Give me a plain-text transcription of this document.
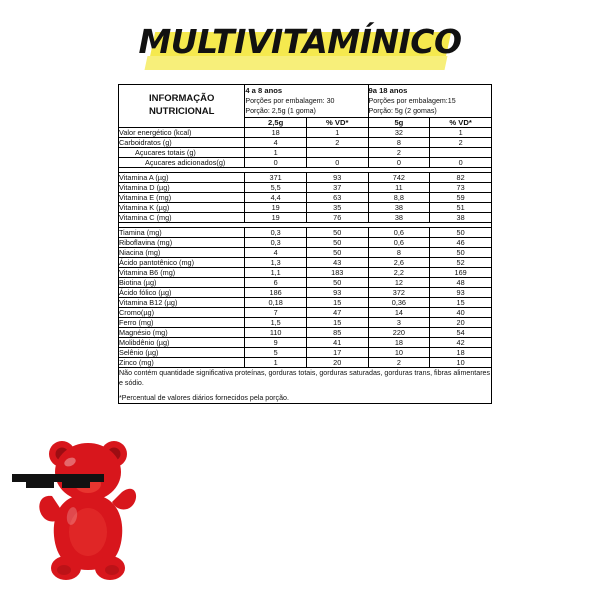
MULTIVITAMÍNICO
INFORMAÇÃO
NUTRICIONAL	4 a 8 anos
Porções por embalagem: 30
Porção: 2,5g (1 goma)		9a 18 anos
Porções por embalagem:15
Porção: 5g (2 gomas)	

	2,5g	% VD*	5g	% VD*
Valor energético (kcal)	18	1	32	1
Carboidratos (g)	4	2	8	2
Açucares totais (g)	1		2	
Açucares adicionados(g)	0	0	0	0

Vitamina A (µg)	371	93	742	82
Vitamina D (µg)	5,5	37	11	73
Vitamina E (mg)	4,4	63	8,8	59
Vitamina K (µg)	19	35	38	51
Vitamina C (mg)	19	76	38	38

Tiamina (mg)	0,3	50	0,6	50
Riboflavina (mg)	0,3	50	0,6	46
Niacina (mg)	4	50	8	50
Ácido pantotênico (mg)	1,3	43	2,6	52
Vitamina B6 (mg)	1,1	183	2,2	169
Biotina (µg)	6	50	12	48
Ácido fólico (µg)	186	93	372	93
Vitamina B12 (µg)	0,18	15	0,36	15
Cromo(µg)	7	47	14	40
Ferro (mg)	1,5	15	3	20
Magnésio (mg)	110	85	220	54
Molibdênio (µg)	9	41	18	42
Selênio (µg)	5	17	10	18
Zinco (mg)	1	20	2	10
Não contém quantidade significativa proteínas, gorduras totais, gorduras saturadas, gorduras trans, fibras alimentares e sódio.
*Percentual de valores diários fornecidos pela porção.				
